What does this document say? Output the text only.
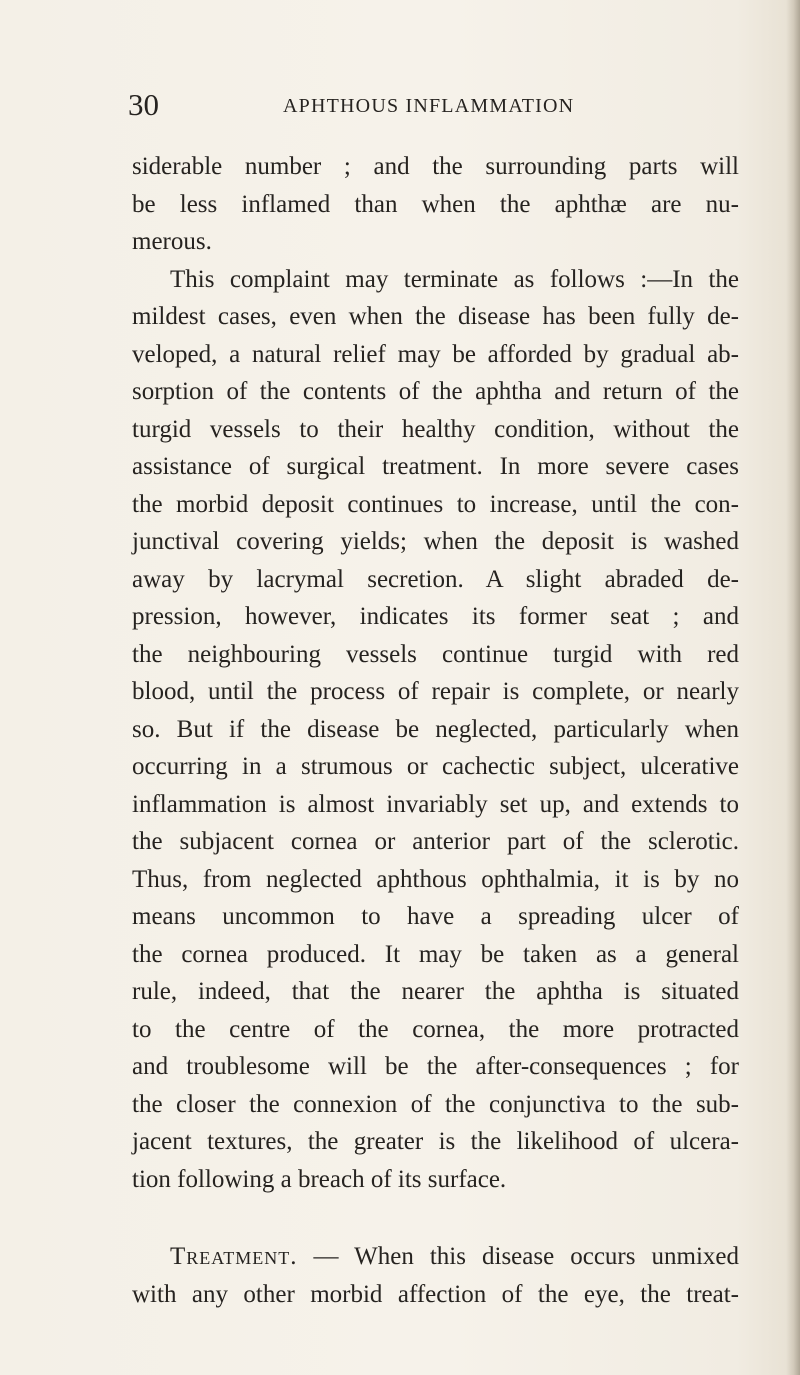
30	APHTHOUS INFLAMMATION
siderable number ; and the surrounding parts will
be less inflamed than when the aphthæ are nu-
merous.
This complaint may terminate as follows :—In the
mildest cases, even when the disease has been fully de-
veloped, a natural relief may be afforded by gradual ab-
sorption of the contents of the aphtha and return of the
turgid vessels to their healthy condition, without the
assistance of surgical treatment. In more severe cases
the morbid deposit continues to increase, until the con-
junctival covering yields; when the deposit is washed
away by lacrymal secretion. A slight abraded de-
pression, however, indicates its former seat ; and
the neighbouring vessels continue turgid with red
blood, until the process of repair is complete, or nearly
so. But if the disease be neglected, particularly when
occurring in a strumous or cachectic subject, ulcerative
inflammation is almost invariably set up, and extends to
the subjacent cornea or anterior part of the sclerotic.
Thus, from neglected aphthous ophthalmia, it is by no
means uncommon to have a spreading ulcer of
the cornea produced. It may be taken as a general
rule, indeed, that the nearer the aphtha is situated
to the centre of the cornea, the more protracted
and troublesome will be the after-consequences ; for
the closer the connexion of the conjunctiva to the sub-
jacent textures, the greater is the likelihood of ulcera-
tion following a breach of its surface.
Treatment. — When this disease occurs unmixed
with any other morbid affection of the eye, the treat-
